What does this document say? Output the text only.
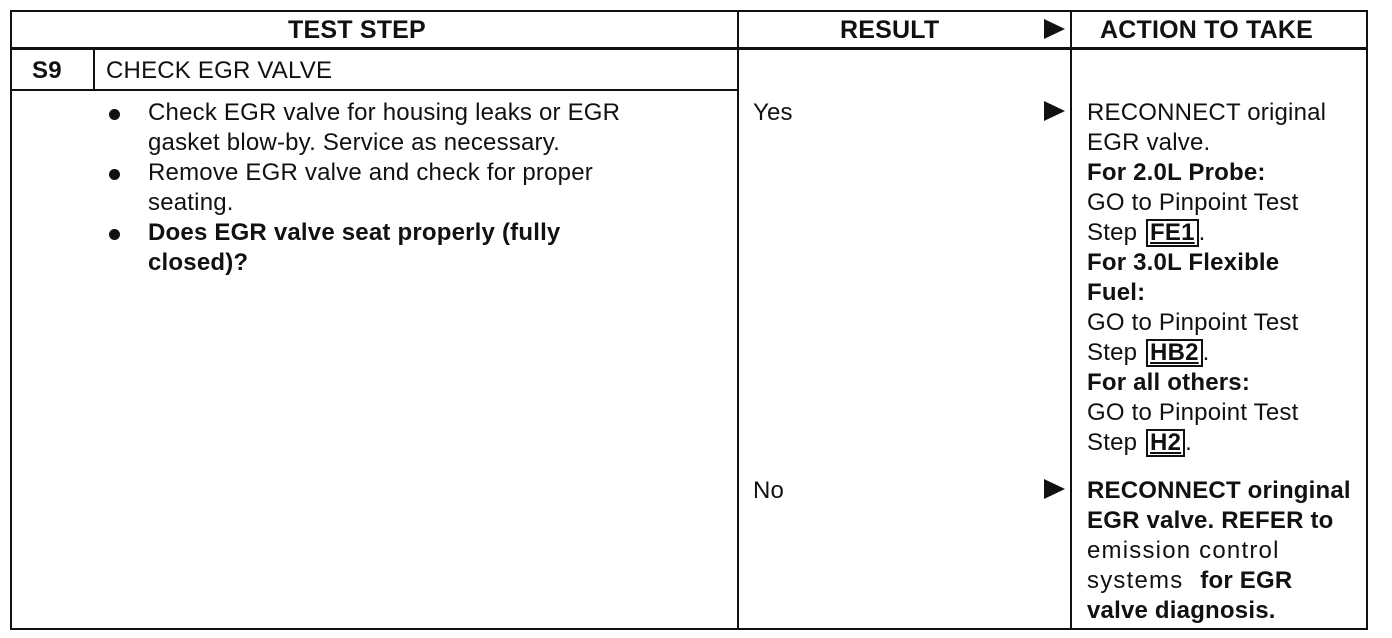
TEST STEP	RESULT	ACTION TO TAKE
S9 CHECK EGR VALVE
Check EGR valve for housing leaks or EGR
gasket blow-by. Service as necessary.
Remove EGR valve and check for proper
seating.
Does EGR valve seat properly (fully
closed)?
Yes
No
RECONNECT original
EGR valve.
For 2.0L Probe:
GO to Pinpoint Test
Step FE1 .
For 3.0L Flexible
Fuel:
GO to Pinpoint Test
Step HB2 .
For all others:
GO to Pinpoint Test
Step H2 .
RECONNECT oringinal
EGR valve. REFER to
emission control
systems for EGR
valve diagnosis.
